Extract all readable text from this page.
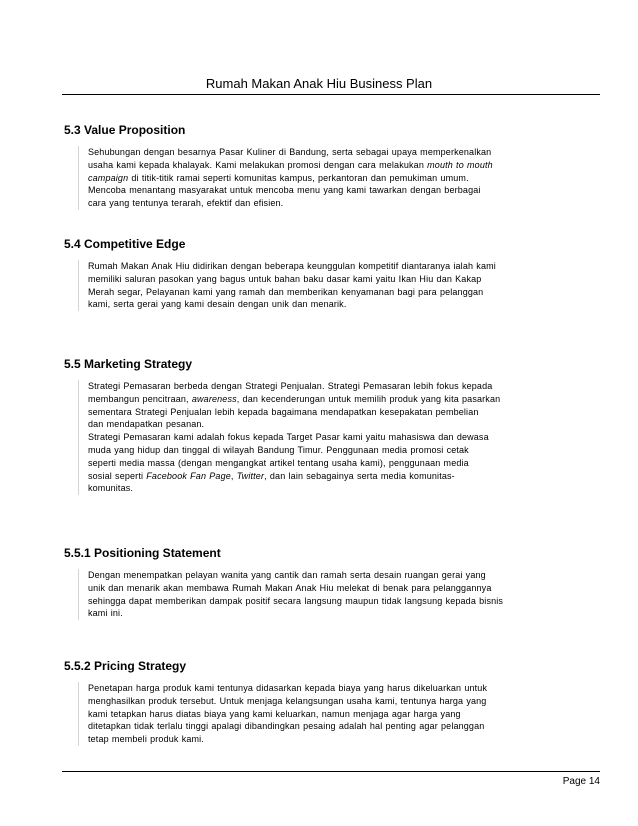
Rumah Makan Anak Hiu Business Plan
5.3 Value Proposition

Sehubungan dengan besarnya Pasar Kuliner di Bandung, serta sebagai upaya memperkenalkan
usaha kami kepada khalayak. Kami melakukan promosi dengan cara melakukan mouth to mouth
campaign di titik-titik ramai seperti komunitas kampus, perkantoran dan pemukiman umum.
Mencoba menantang masyarakat untuk mencoba menu yang kami tawarkan dengan berbagai
cara yang tentunya terarah, efektif dan efisien.

5.4 Competitive Edge

Rumah Makan Anak Hiu didirikan dengan beberapa keunggulan kompetitif diantaranya ialah kami
memiliki saluran pasokan yang bagus untuk bahan baku dasar kami yaitu Ikan Hiu dan Kakap
Merah segar, Pelayanan kami yang ramah dan memberikan kenyamanan bagi para pelanggan
kami, serta gerai yang kami desain dengan unik dan menarik.

5.5 Marketing Strategy

Strategi Pemasaran berbeda dengan Strategi Penjualan. Strategi Pemasaran lebih fokus kepada
membangun pencitraan, awareness, dan kecenderungan untuk memilih produk yang kita pasarkan
sementara Strategi Penjualan lebih kepada bagaimana mendapatkan kesepakatan pembelian
dan mendapatkan pesanan.
Strategi Pemasaran kami adalah fokus kepada Target Pasar kami yaitu mahasiswa dan dewasa
muda yang hidup dan tinggal di wilayah Bandung Timur. Penggunaan media promosi cetak
seperti media massa (dengan mengangkat artikel tentang usaha kami), penggunaan media
sosial seperti Facebook Fan Page, Twitter, dan lain sebagainya serta media komunitas-
komunitas.

5.5.1 Positioning Statement

Dengan menempatkan pelayan wanita yang cantik dan ramah serta desain ruangan gerai yang
unik dan menarik akan membawa Rumah Makan Anak Hiu melekat di benak para pelanggannya
sehingga dapat memberikan dampak positif secara langsung maupun tidak langsung kepada bisnis
kami ini.

5.5.2 Pricing Strategy

Penetapan harga produk kami tentunya didasarkan kepada biaya yang harus dikeluarkan untuk
menghasilkan produk tersebut. Untuk menjaga kelangsungan usaha kami, tentunya harga yang
kami tetapkan harus diatas biaya yang kami keluarkan, namun menjaga agar harga yang
ditetapkan tidak terlalu tinggi apalagi dibandingkan pesaing adalah hal penting agar pelanggan
tetap membeli produk kami.

Page 14
